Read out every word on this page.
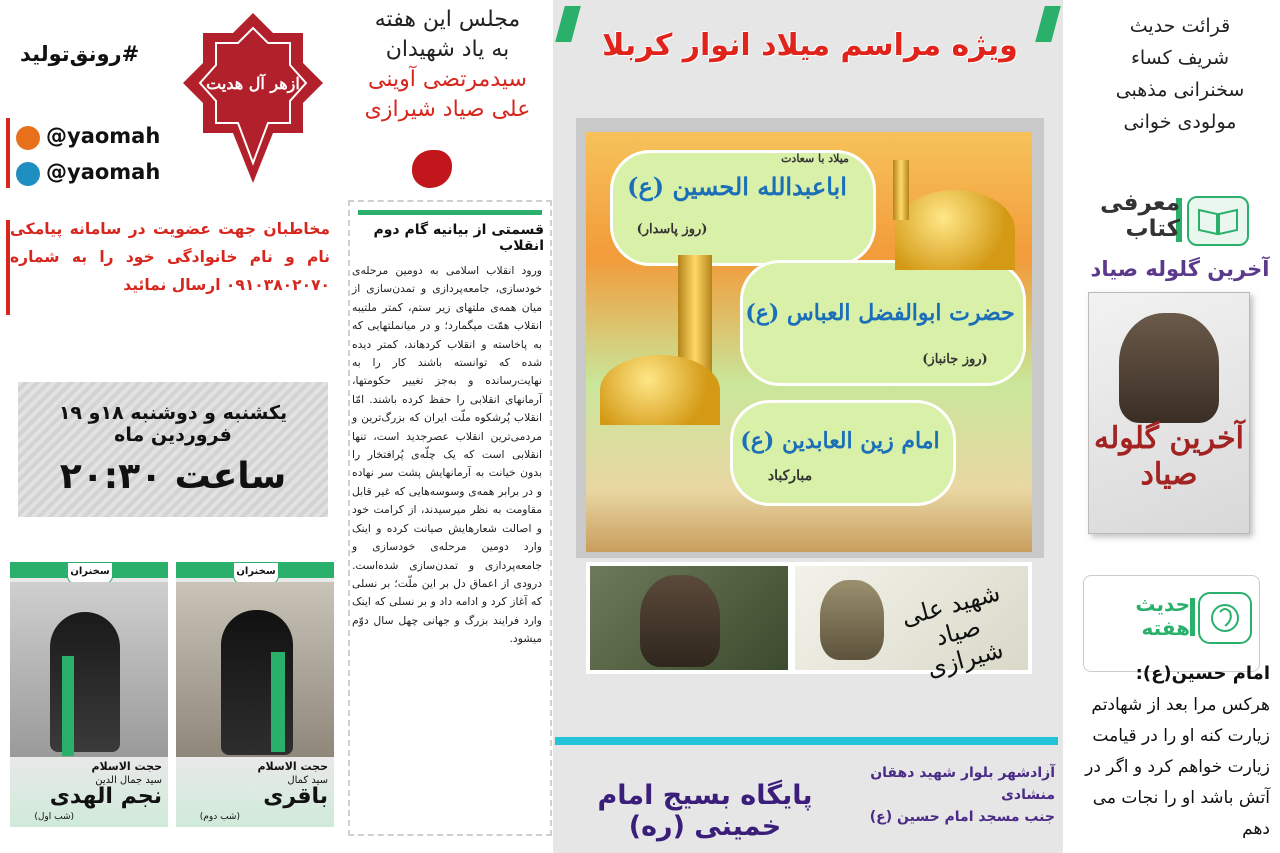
قرائت حدیث
شریف کساء
سخنرانی مذهبی
مولودی خوانی
معرفی
کتاب
آخرین گلوله صیاد
آخرین گلوله صیاد
حدیث
هفته
امام حسین(ع):
هرکس مرا بعد از شهادتم زیارت کنه او را در قیامت زیارت خواهم کرد و اگر در آتش باشد او را نجات می دهم
ویژه مراسم میلاد انوار کربلا
میلاد با سعادت
اباعبدالله الحسین (ع)
(روز پاسدار)
حضرت ابوالفضل العباس (ع)
(روز جانباز)
امام زین العابدین (ع)
مبارکباد
شهید علی صیاد شیرازی
آزادشهر بلوار شهید دهقان منشادی
جنب مسجد امام حسین (ع)
پایگاه بسیج امام خمینی (ره)
مجلس این هفته
به یاد شهیدان
سیدمرتضی آوینی
علی صیاد شیرازی
قسمتی از بیانیه گام دوم انقلاب
ورود انقلاب اسلامی به دومین مرحله‌ی خودسازی، جامعه‌پردازی و تمدن‌سازی از میان همه‌ی ملتهای زیر ستم، کمتر ملتیبه انقلاب همّت میگمارد؛ و در میانملتهایی که به پاخاسته و انقلاب کردهاند، کمتر دیده شده که توانسته باشند کار را به نهایت‌رسانده و به‌جز تغییر حکومتها، آرمانهای انقلابی را حفظ کرده باشند. امّا انقلاب پُرشکوه ملّت ایران که بزرگ‌ترین و مردمی‌ترین انقلاب عصرجدید است، تنها انقلابی است که یک چلّه‌ی پُرافتخار را بدون خیانت به آرمانهایش پشت سر نهاده و در برابر همه‌ی وسوسه‌هایی که غیر قابل مقاومت به نظر میرسیدند، از کرامت خود و اصالت شعارهایش صیانت کرده و اینک وارد دومین مرحله‌ی خودسازی و جامعه‌پردازی و تمدن‌سازی شده‌است. درودی از اعماق دل بر این ملّت؛ بر نسلی که آغاز کرد و ادامه داد و بر نسلی که اینک وارد فرایند بزرگ و جهانی چهل سال دوّم میشود.
#رونق‌تولید
ازهر آل هدیت
@yaomah
@yaomah
مخاطبان جهت عضویت در سامانه پیامکی نام و نام خانوادگی خود را به شماره ۰۹۱۰۳۸۰۲۰۷۰ ارسال نمائید
یکشنبه و دوشنبه ۱۸و ۱۹ فروردین ماه
ساعت ۲۰:۳۰
سخنران
حجت الاسلام
سید جمال الدین
نجم الهدی
(شب اول)
سخنران
حجت الاسلام
سید کمال
باقری
(شب دوم)
